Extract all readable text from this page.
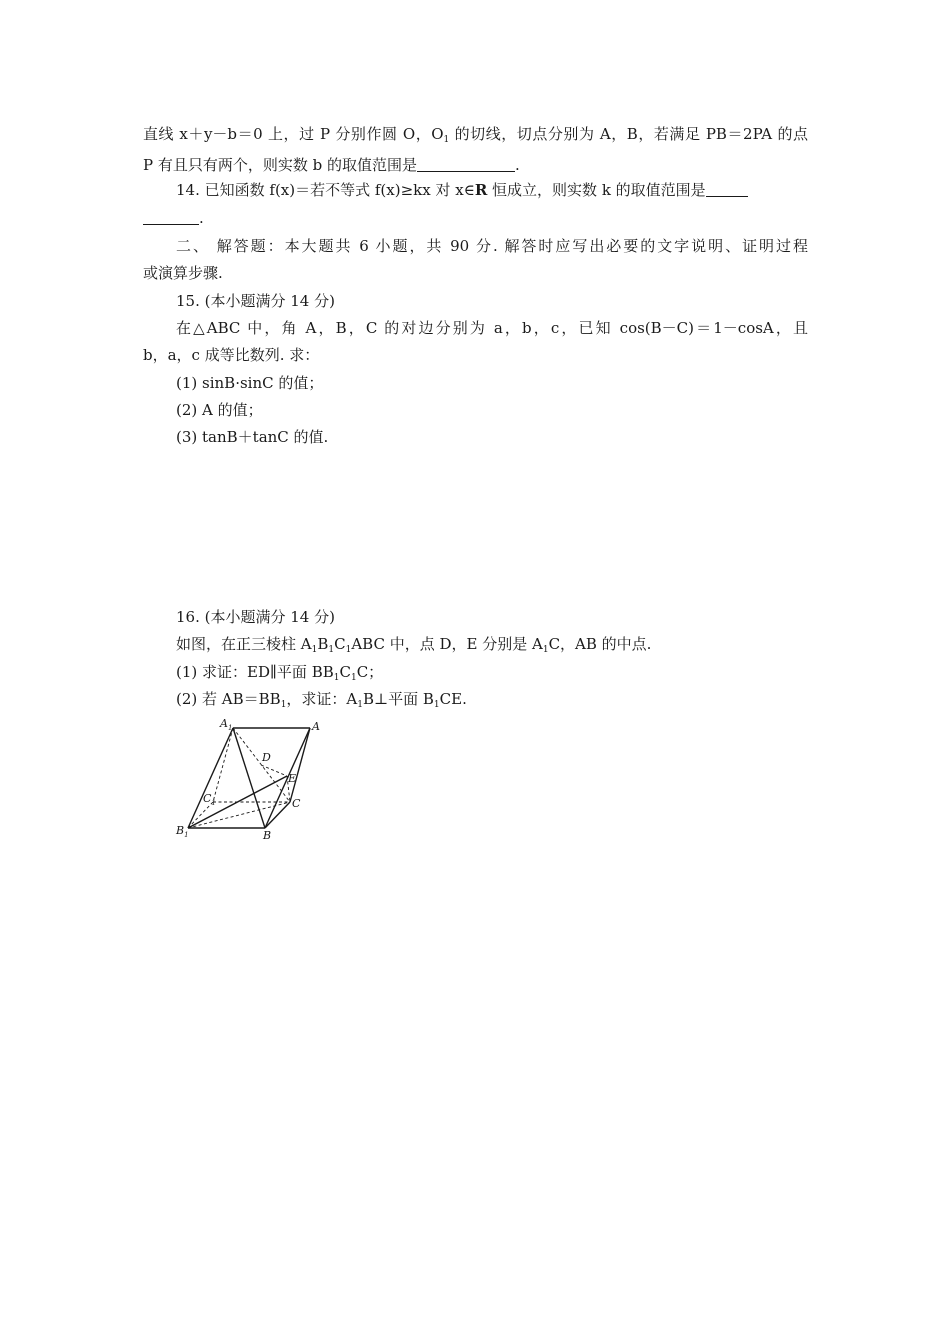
直线 x＋y－b＝0 上，过 P 分别作圆 O，$O_1$ 的切线，切点分别为 A，B，若满足 PB＝2PA 的点
P 有且只有两个，则实数 b 的取值范围是	.
14. 已知函数 f(x)＝若不等式 f(x)≥kx 对 x∈R 恒成立，则实数 k 的取值范围是
.
二、 解答题：本大题共 6 小题，共 90 分. 解答时应写出必要的文字说明、证明过程
或演算步骤.
15. (本小题满分 14 分)
在△ABC 中，角 A，B，C 的对边分别为 a，b，c，已知 cos(B－C)＝1－cosA，且
b，a，c 成等比数列. 求：
(1) sinB·sinC 的值；
(2) A 的值；
(3) tanB＋tanC 的值.
16. (本小题满分 14 分)
如图，在正三棱柱 $A_1B_1C_1ABC$ 中，点 D，E 分别是 $A_1C$，AB 的中点.
(1) 求证：ED∥平面 $BB_1C_1C$；
(2) 若 $AB=BB_1$，求证：$A_1B\perp$平面 $B_1CE$.
$A_1$	A
D
E
$C_1$	C
$B_1$	B
